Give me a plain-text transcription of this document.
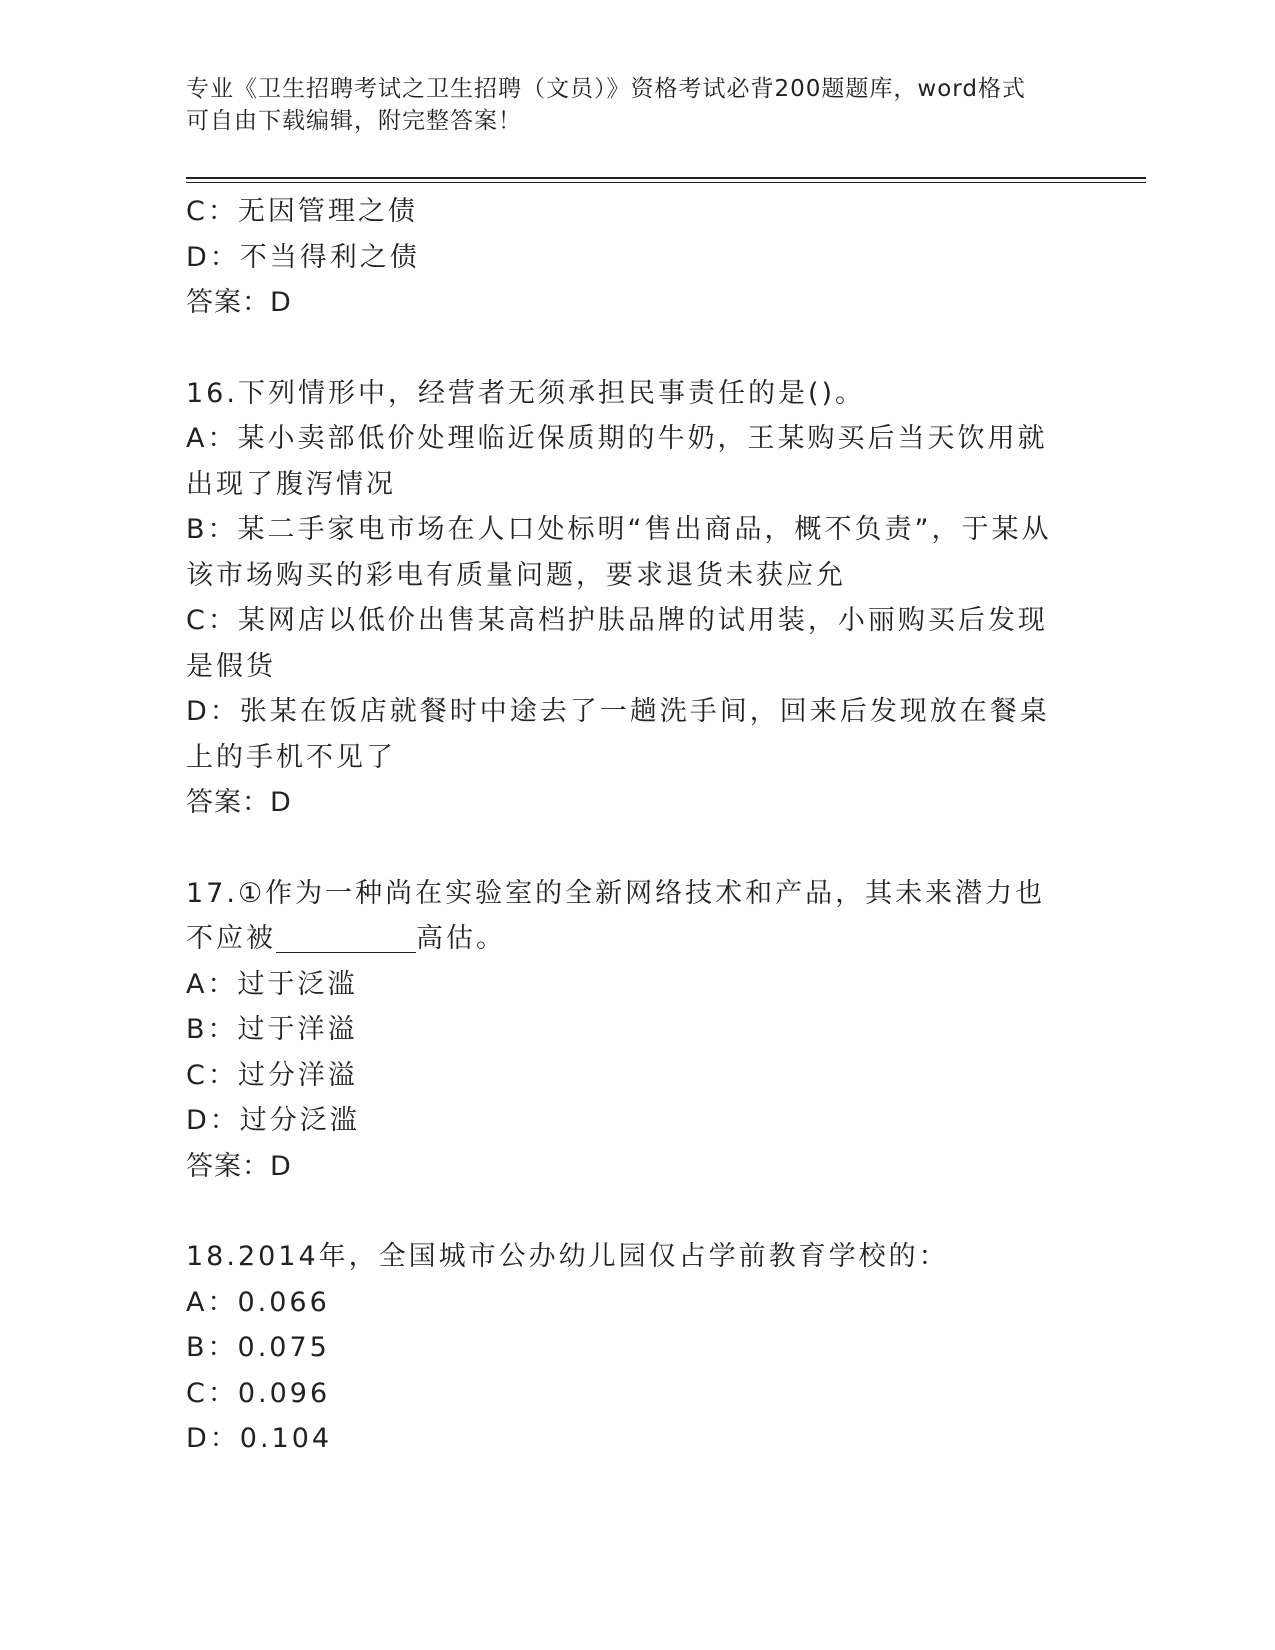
专业《卫生招聘考试之卫生招聘（文员）》资格考试必背200题题库，word格式
可自由下载编辑，附完整答案！
C：无因管理之债
D：不当得利之债
答案：D
16.下列情形中，经营者无须承担民事责任的是()。
A：某小卖部低价处理临近保质期的牛奶，王某购买后当天饮用就出现了腹泻情况
B：某二手家电市场在人口处标明“售出商品，概不负责”，于某从该市场购买的彩电有质量问题，要求退货未获应允
C：某网店以低价出售某高档护肤品牌的试用装，小丽购买后发现是假货
D：张某在饭店就餐时中途去了一趟洗手间，回来后发现放在餐桌上的手机不见了
答案：D
17.①作为一种尚在实验室的全新网络技术和产品，其未来潜力也不应被	高估。
A：过于泛滥
B：过于洋溢
C：过分洋溢
D：过分泛滥
答案：D
18.2014年，全国城市公办幼儿园仅占学前教育学校的：
A：0.066
B：0.075
C：0.096
D：0.104
